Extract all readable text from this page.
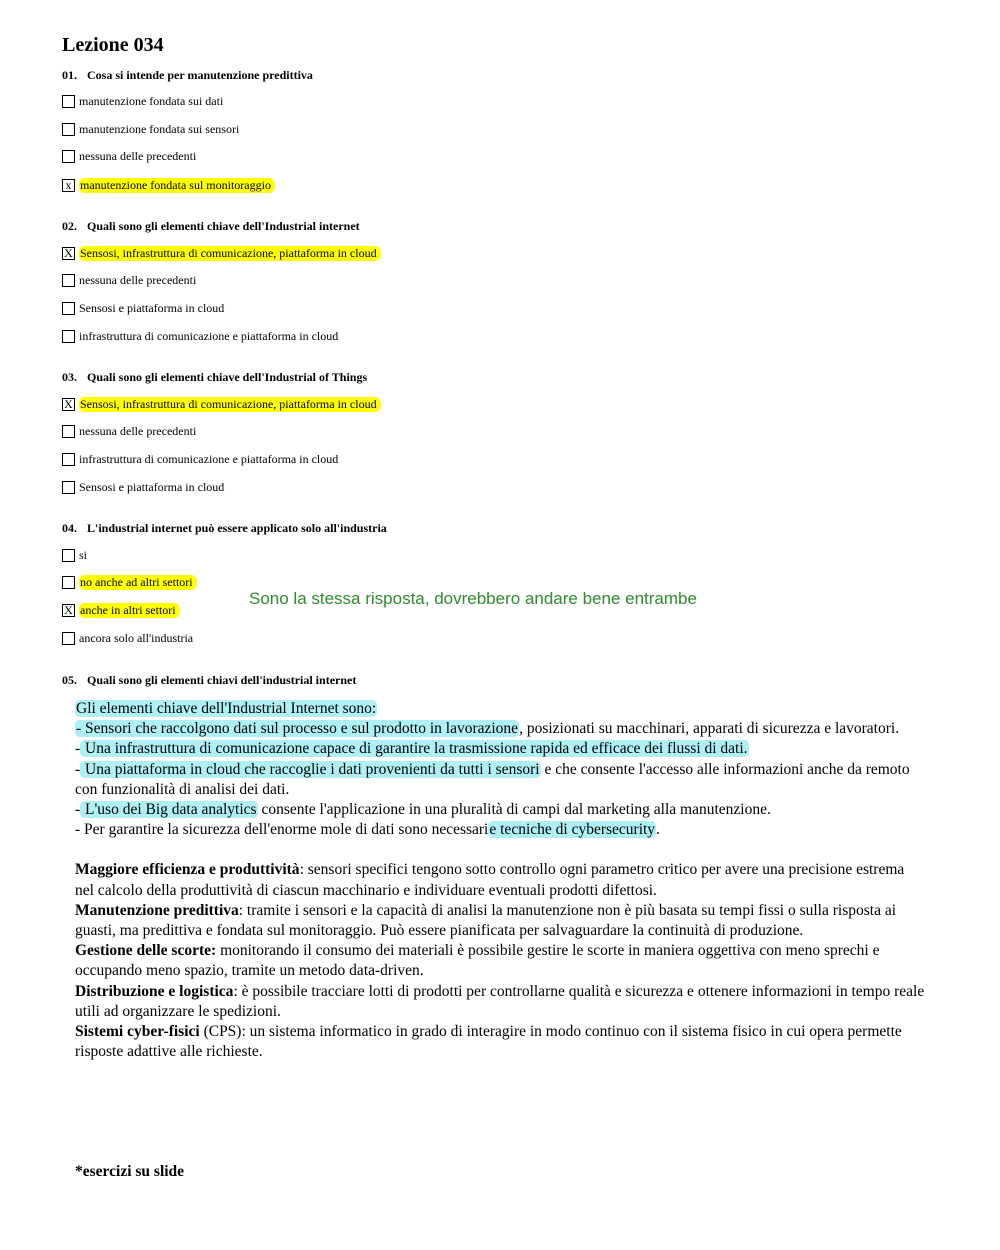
Lezione 034
01. Cosa si intende per manutenzione predittiva
manutenzione fondata sui dati
manutenzione fondata sui sensori
nessuna delle precedenti
x manutenzione fondata sul monitoraggio
02. Quali sono gli elementi chiave dell'Industrial internet
X Sensosi, infrastruttura di comunicazione, piattaforma in cloud
nessuna delle precedenti
Sensosi e piattaforma in cloud
infrastruttura di comunicazione e piattaforma in cloud
03. Quali sono gli elementi chiave dell'Industrial of Things
X Sensosi, infrastruttura di comunicazione, piattaforma in cloud
nessuna delle precedenti
infrastruttura di comunicazione e piattaforma in cloud
Sensosi e piattaforma in cloud
04. L'industrial internet può essere applicato solo all'industria
si
no anche ad altri settori
X anche in altri settori
ancora solo all'industria
Sono la stessa risposta, dovrebbero andare bene entrambe
05. Quali sono gli elementi chiavi dell'industrial internet

Gli elementi chiave dell'Industrial Internet sono:

- Sensori che raccolgono dati sul processo e sul prodotto in lavorazione, posizionati su macchinari, apparati di sicurezza e lavoratori.

- Una infrastruttura di comunicazione capace di garantire la trasmissione rapida ed efficace dei flussi di dati.

- Una piattaforma in cloud che raccoglie i dati provenienti da tutti i sensori e che consente l'accesso alle informazioni anche da remoto con funzionalità di analisi dei dati.

- L'uso dei Big data analytics consente l'applicazione in una pluralità di campi dal marketing alla manutenzione.

- Per garantire la sicurezza dell'enorme mole di dati sono necessarie tecniche di cybersecurity.

Maggiore efficienza e produttività: sensori specifici tengono sotto controllo ogni parametro critico per avere una precisione estrema nel calcolo della produttività di ciascun macchinario e individuare eventuali prodotti difettosi.

Manutenzione predittiva: tramite i sensori e la capacità di analisi la manutenzione non è più basata su tempi fissi o sulla risposta ai guasti, ma predittiva e fondata sul monitoraggio. Può essere pianificata per salvaguardare la continuità di produzione.

Gestione delle scorte: monitorando il consumo dei materiali è possibile gestire le scorte in maniera oggettiva con meno sprechi e occupando meno spazio, tramite un metodo data-driven.

Distribuzione e logistica: è possibile tracciare lotti di prodotti per controllarne qualità e sicurezza e ottenere informazioni in tempo reale utili ad organizzare le spedizioni.

Sistemi cyber-fisici (CPS): un sistema informatico in grado di interagire in modo continuo con il sistema fisico in cui opera permette risposte adattive alle richieste.

*esercizi su slide
